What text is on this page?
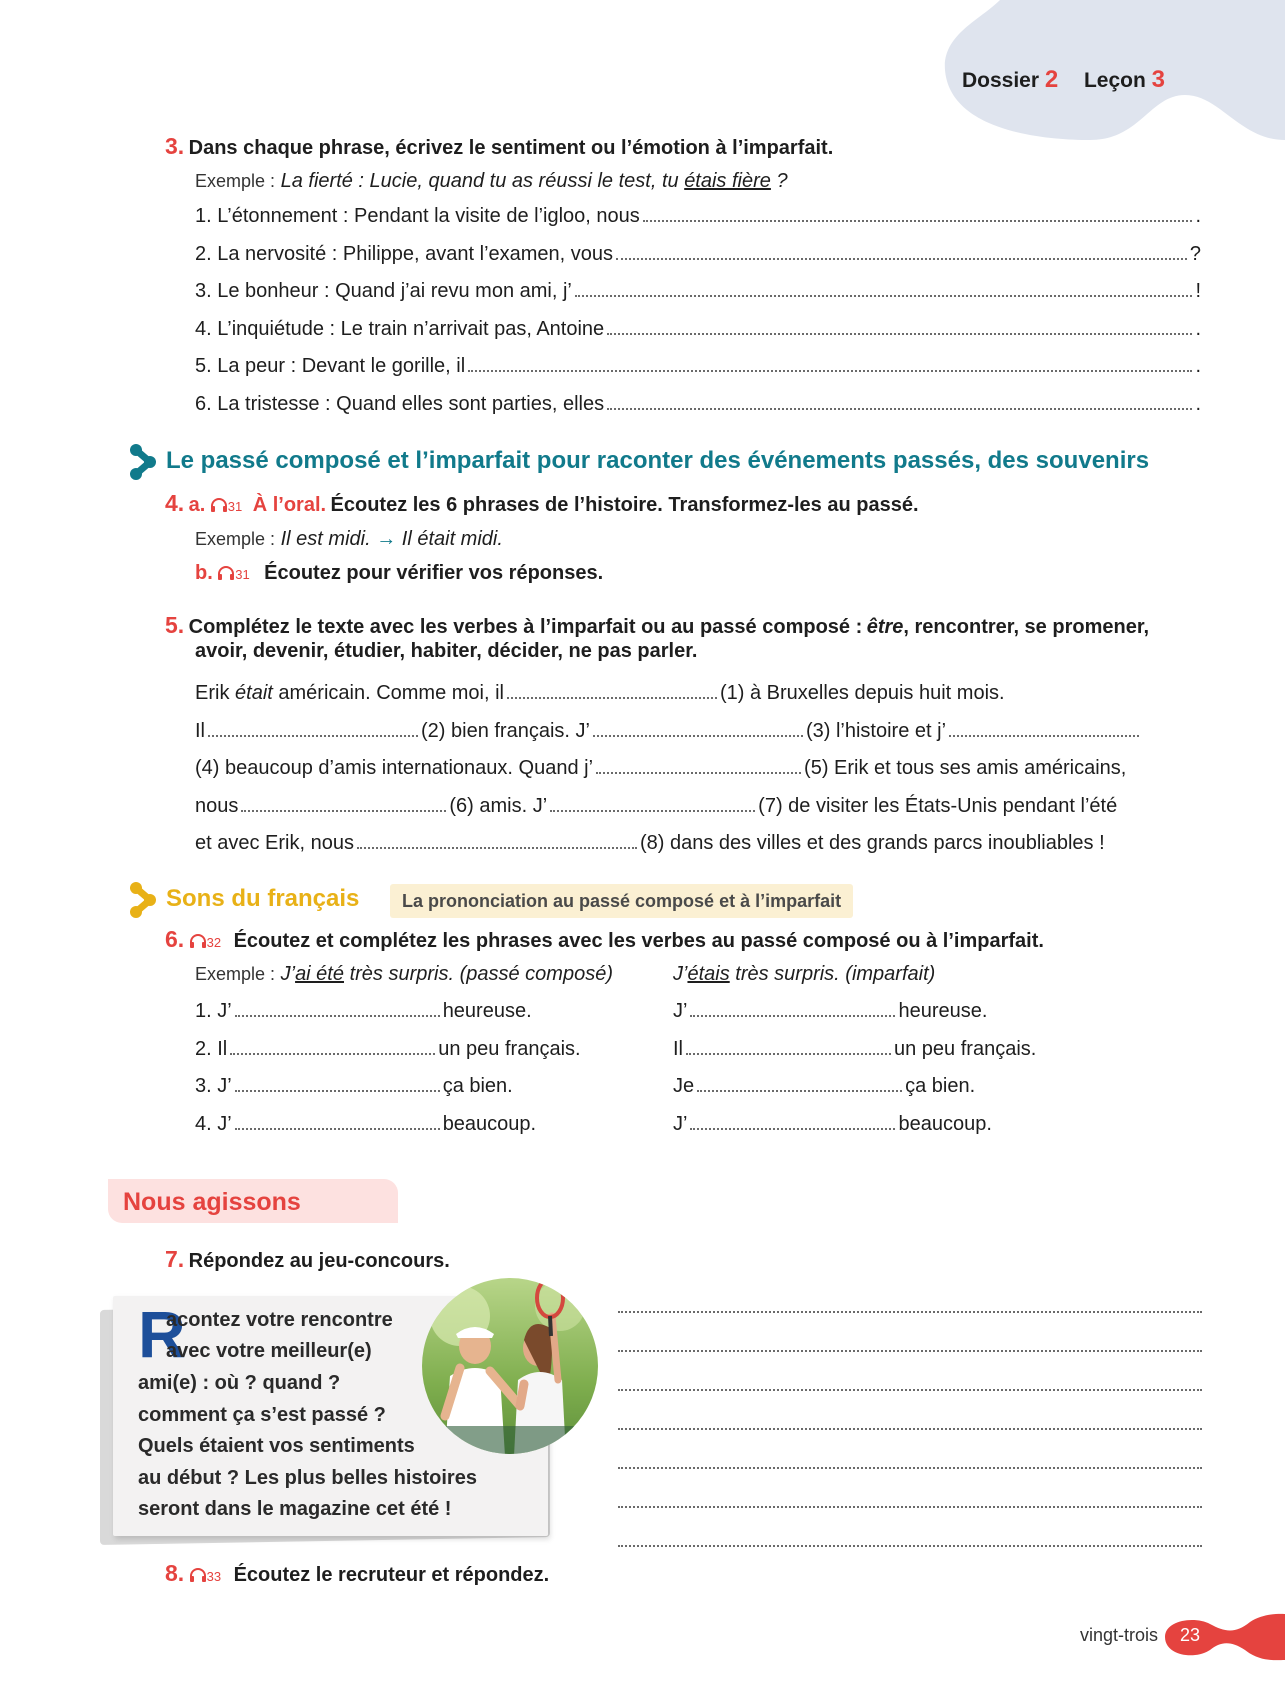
Dossier 2 Leçon 3
3. Dans chaque phrase, écrivez le sentiment ou l’émotion à l’imparfait.
Exemple : La fierté : Lucie, quand tu as réussi le test, tu étais fière ?
1. L’étonnement : Pendant la visite de l’igloo, nous	.
2. La nervosité : Philippe, avant l’examen, vous	?
3. Le bonheur : Quand j’ai revu mon ami, j’	!
4. L’inquiétude : Le train n’arrivait pas, Antoine	.
5. La peur : Devant le gorille, il	.
6. La tristesse : Quand elles sont parties, elles	.
Le passé composé et l’imparfait pour raconter des événements passés, des souvenirs
4. a. 31 À l’oral. Écoutez les 6 phrases de l’histoire. Transformez-les au passé.
Exemple : Il est midi. → Il était midi.
b. 31 Écoutez pour vérifier vos réponses.
5. Complétez le texte avec les verbes à l’imparfait ou au passé composé : être, rencontrer, se promener,
avoir, devenir, étudier, habiter, décider, ne pas parler.
Erik était américain. Comme moi, il	(1) à Bruxelles depuis huit mois.
Il	(2) bien français. J’	(3) l’histoire et j’
(4) beaucoup d’amis internationaux. Quand j’	(5) Erik et tous ses amis américains,
nous	(6) amis. J’	(7) de visiter les États-Unis pendant l’été
et avec Erik, nous	(8) dans des villes et des grands parcs inoubliables !
Sons du français	La prononciation au passé composé et à l’imparfait
6. 32 Écoutez et complétez les phrases avec les verbes au passé composé ou à l’imparfait.
Exemple : J’ai été très surpris. (passé composé)	J’étais très surpris. (imparfait)
1. J’	heureuse.	J’	heureuse.
2. Il	un peu français.	Il	un peu français.
3. J’	ça bien.	Je	ça bien.
4. J’	beaucoup.	J’	beaucoup.
Nous agissons
7. Répondez au jeu-concours.
R
acontez votre rencontre
avec votre meilleur(e)
ami(e) : où ? quand ?
comment ça s’est passé ?
Quels étaient vos sentiments
au début ? Les plus belles histoires
seront dans le magazine cet été !
8. 33 Écoutez le recruteur et répondez.
vingt-trois 23
